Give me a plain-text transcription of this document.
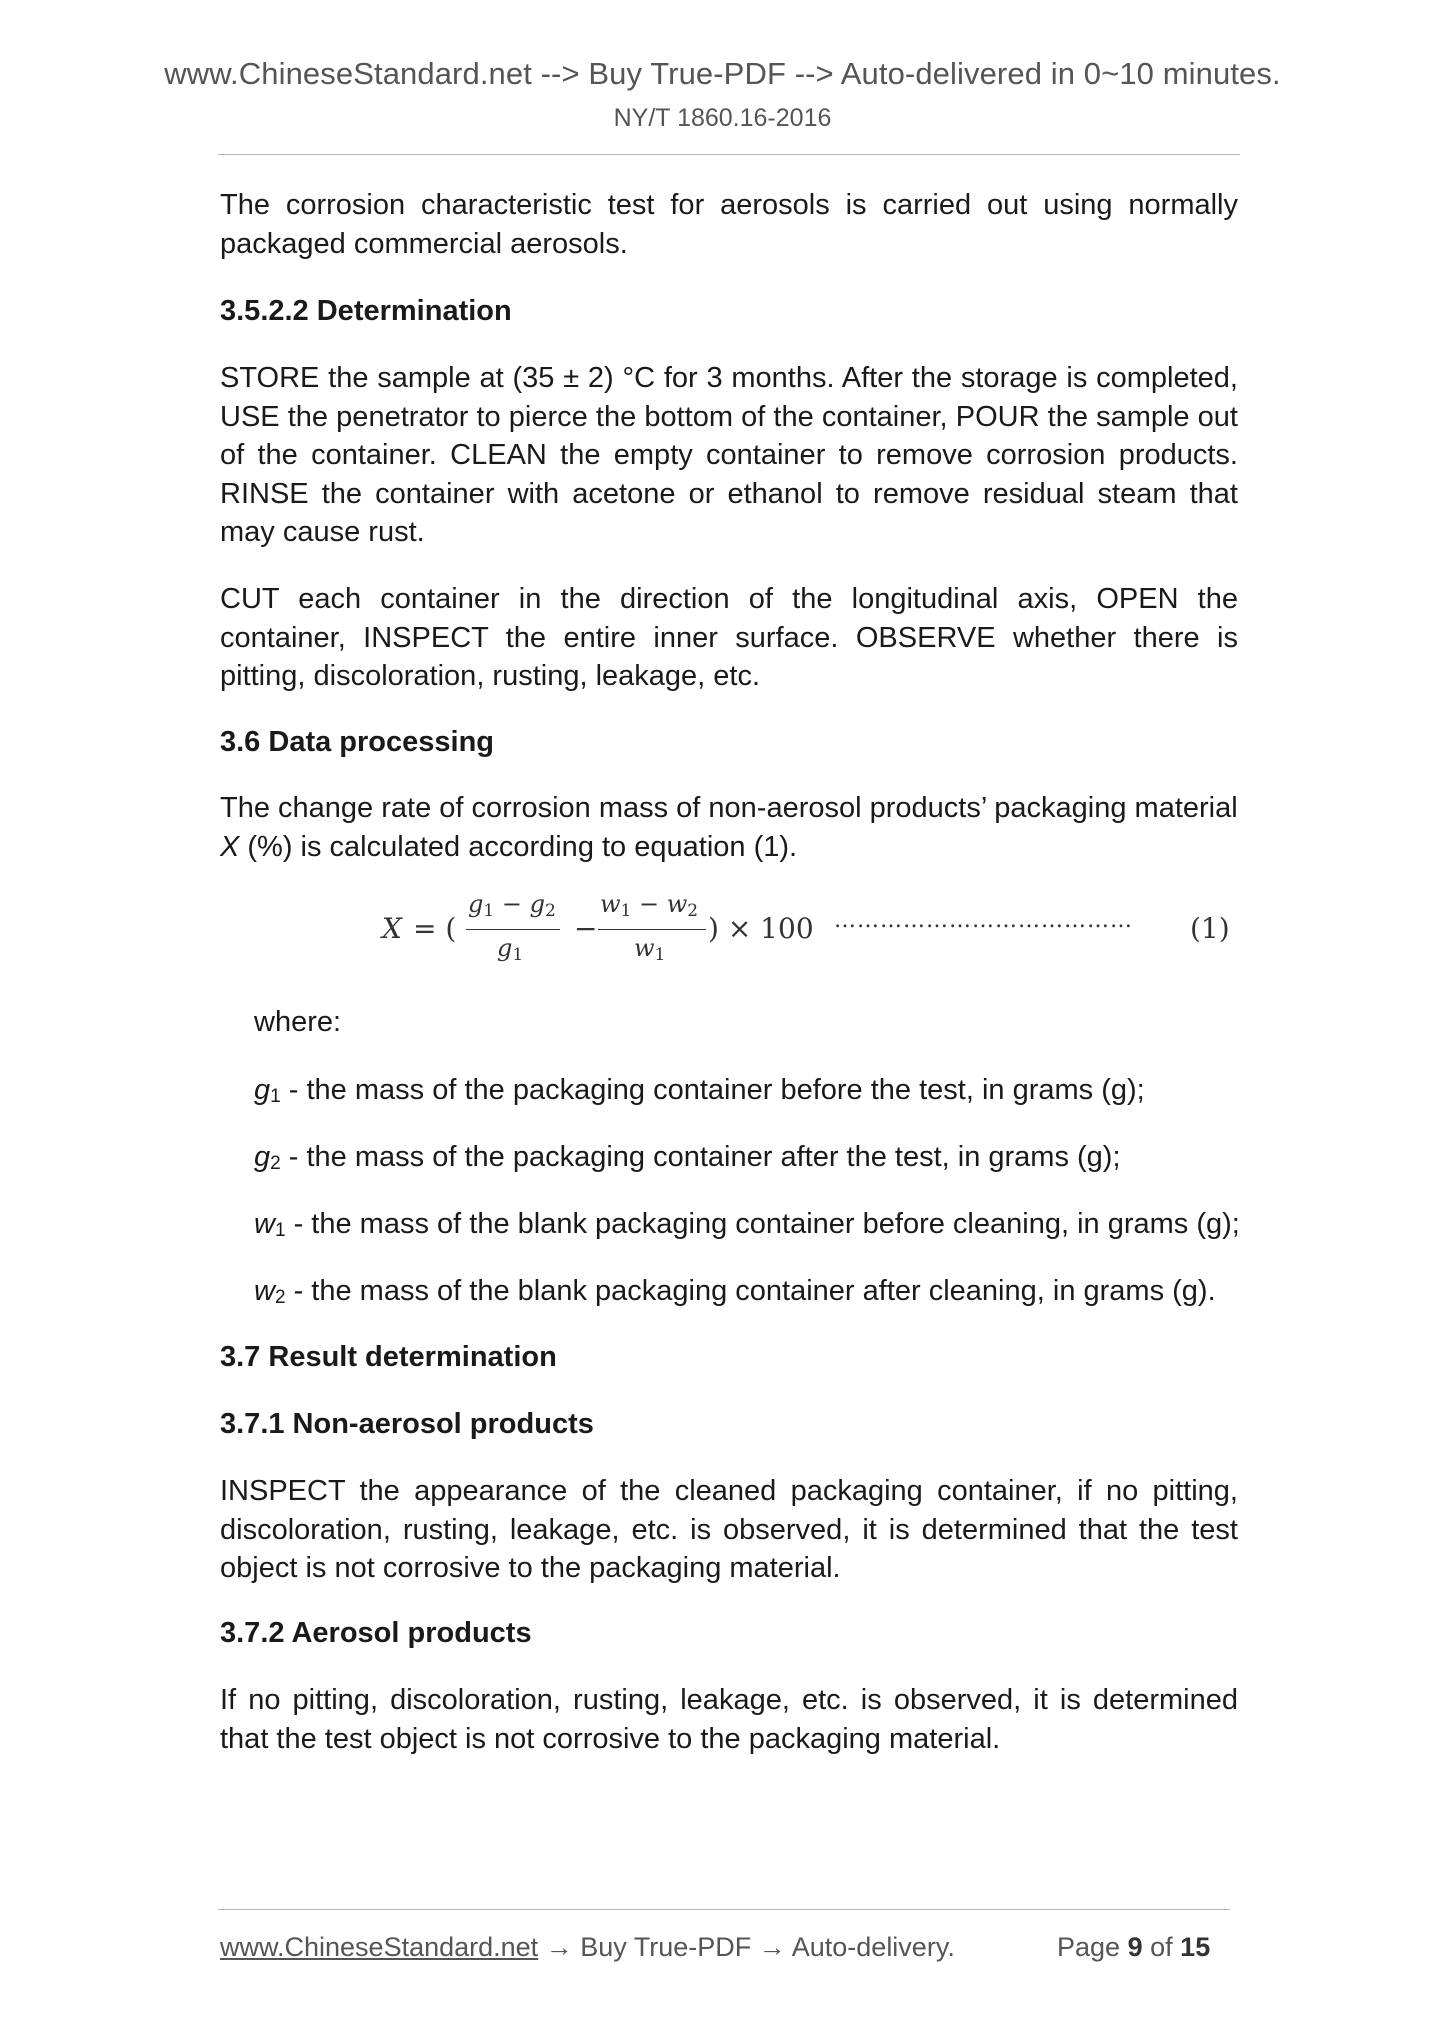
www.ChineseStandard.net --> Buy True-PDF --> Auto-delivered in 0~10 minutes.
NY/T 1860.16-2016

The corrosion characteristic test for aerosols is carried out using normally packaged commercial aerosols.

3.5.2.2 Determination

STORE the sample at (35 ± 2) °C for 3 months. After the storage is completed, USE the penetrator to pierce the bottom of the container, POUR the sample out of the container. CLEAN the empty container to remove corrosion products. RINSE the container with acetone or ethanol to remove residual steam that may cause rust.

CUT each container in the direction of the longitudinal axis, OPEN the container, INSPECT the entire inner surface. OBSERVE whether there is pitting, discoloration, rusting, leakage, etc.

3.6 Data processing

The change rate of corrosion mass of non-aerosol products’ packaging material
X (%) is calculated according to equation (1).

X = (
$g_1 - g_2$
$g_1$
−
$w_1 - w_2$
$w_1$
) × 100 ………………………………… (1)

where:

$g_1$ - the mass of the packaging container before the test, in grams (g);

$g_2$ - the mass of the packaging container after the test, in grams (g);

$w_1$ - the mass of the blank packaging container before cleaning, in grams (g);

$w_2$ - the mass of the blank packaging container after cleaning, in grams (g).

3.7 Result determination

3.7.1 Non-aerosol products

INSPECT the appearance of the cleaned packaging container, if no pitting, discoloration, rusting, leakage, etc. is observed, it is determined that the test object is not corrosive to the packaging material.

3.7.2 Aerosol products

If no pitting, discoloration, rusting, leakage, etc. is observed, it is determined that the test object is not corrosive to the packaging material.

www.ChineseStandard.net → Buy True-PDF → Auto-delivery.	Page 9 of 15
